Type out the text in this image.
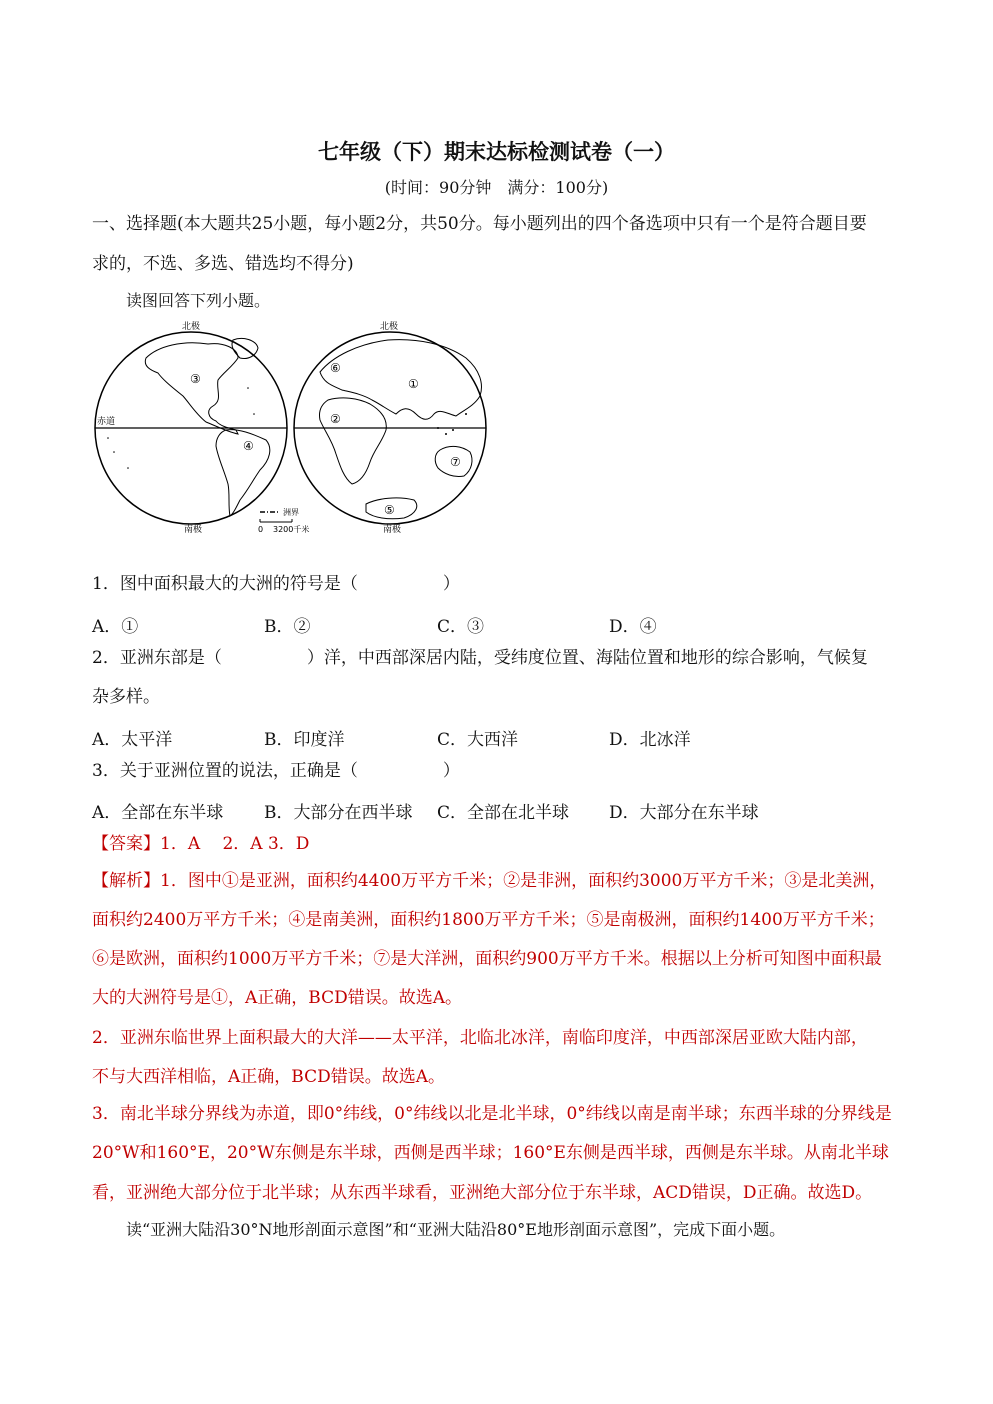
七年级（下）期末达标检测试卷（一）
(时间：90分钟　满分：100分)
一、选择题(本大题共25小题，每小题2分，共50分。每小题列出的四个备选项中只有一个是符合题目要
求的，不选、多选、错选均不得分)
读图回答下列小题。
赤道
北极
南极
③
④
北极
南极
①
②
⑤
⑥
⑦
洲界
0 3200千米
1．图中面积最大的大洲的符号是（　　　　　）
A．①	B．②	C．③	D．④
2．亚洲东部是（　　　　　）洋，中西部深居内陆，受纬度位置、海陆位置和地形的综合影响，气候复
杂多样。
A．太平洋	B．印度洋	C．大西洋	D．北冰洋
3．关于亚洲位置的说法，正确是（　　　　　）
A．全部在东半球 B．大部分在西半球 C．全部在北半球 D．大部分在东半球
【答案】1．A　 2．A 3．D
【解析】1．图中①是亚洲，面积约4400万平方千米；②是非洲，面积约3000万平方千米；③是北美洲，
面积约2400万平方千米；④是南美洲，面积约1800万平方千米；⑤是南极洲，面积约1400万平方千米；
⑥是欧洲，面积约1000万平方千米；⑦是大洋洲，面积约900万平方千米。根据以上分析可知图中面积最
大的大洲符号是①，A正确，BCD错误。故选A。
2．亚洲东临世界上面积最大的大洋——太平洋，北临北冰洋，南临印度洋，中西部深居亚欧大陆内部，
不与大西洋相临，A正确，BCD错误。故选A。
3．南北半球分界线为赤道，即0°纬线，0°纬线以北是北半球，0°纬线以南是南半球；东西半球的分界线是
20°W和160°E，20°W东侧是东半球，西侧是西半球；160°E东侧是西半球，西侧是东半球。从南北半球
看，亚洲绝大部分位于北半球；从东西半球看，亚洲绝大部分位于东半球，ACD错误，D正确。故选D。
读“亚洲大陆沿30°N地形剖面示意图”和“亚洲大陆沿80°E地形剖面示意图”，完成下面小题。
